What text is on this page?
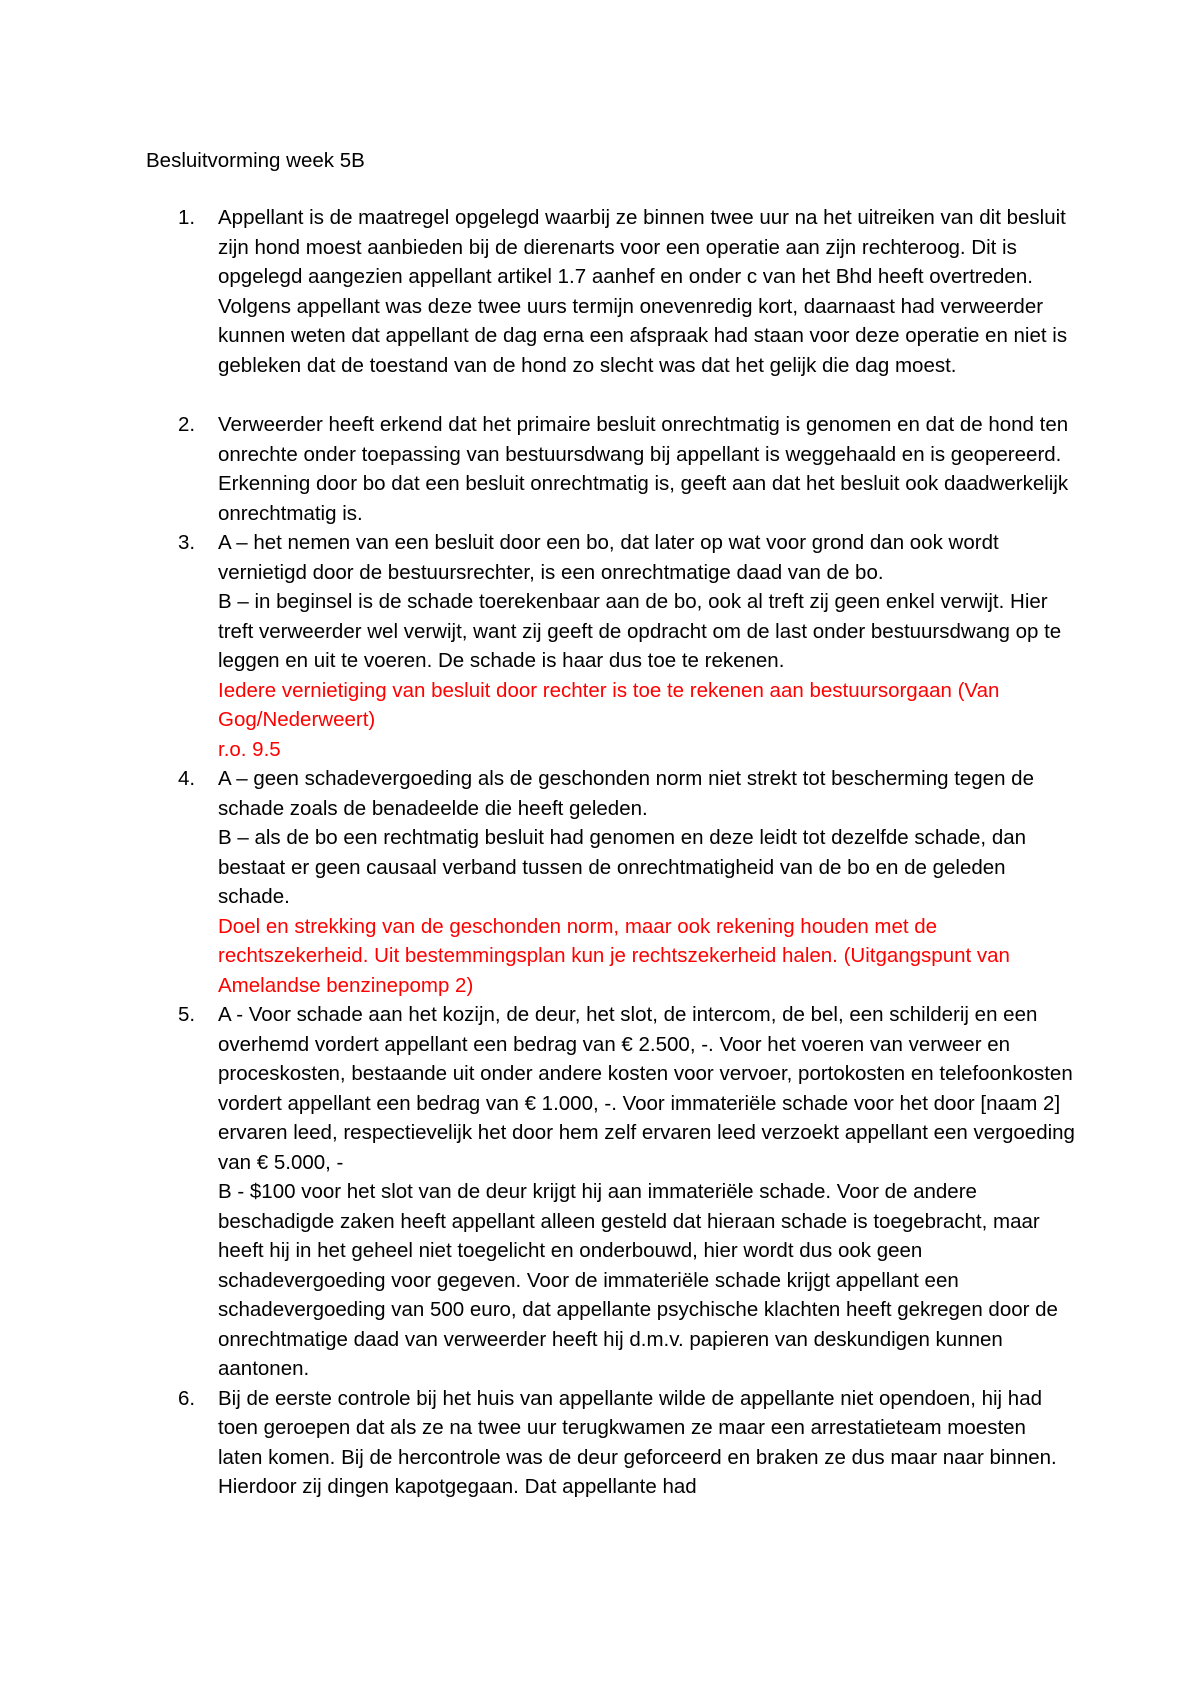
Besluitvorming week 5B
1. Appellant is de maatregel opgelegd waarbij ze binnen twee uur na het uitreiken van dit besluit zijn hond moest aanbieden bij de dierenarts voor een operatie aan zijn rechteroog. Dit is opgelegd aangezien appellant artikel 1.7 aanhef en onder c van het Bhd heeft overtreden. Volgens appellant was deze twee uurs termijn onevenredig kort, daarnaast had verweerder kunnen weten dat appellant de dag erna een afspraak had staan voor deze operatie en niet is gebleken dat de toestand van de hond zo slecht was dat het gelijk die dag moest.

2. Verweerder heeft erkend dat het primaire besluit onrechtmatig is genomen en dat de hond ten onrechte onder toepassing van bestuursdwang bij appellant is weggehaald en is geopereerd. Erkenning door bo dat een besluit onrechtmatig is, geeft aan dat het besluit ook daadwerkelijk onrechtmatig is.

3. A – het nemen van een besluit door een bo, dat later op wat voor grond dan ook wordt vernietigd door de bestuursrechter, is een onrechtmatige daad van de bo.

B – in beginsel is de schade toerekenbaar aan de bo, ook al treft zij geen enkel verwijt. Hier treft verweerder wel verwijt, want zij geeft de opdracht om de last onder bestuursdwang op te leggen en uit te voeren. De schade is haar dus toe te rekenen.

Iedere vernietiging van besluit door rechter is toe te rekenen aan bestuursorgaan (Van Gog/Nederweert)

r.o. 9.5

4. A – geen schadevergoeding als de geschonden norm niet strekt tot bescherming tegen de schade zoals de benadeelde die heeft geleden.

B – als de bo een rechtmatig besluit had genomen en deze leidt tot dezelfde schade, dan bestaat er geen causaal verband tussen de onrechtmatigheid van de bo en de geleden schade.

Doel en strekking van de geschonden norm, maar ook rekening houden met de rechtszekerheid. Uit bestemmingsplan kun je rechtszekerheid halen. (Uitgangspunt van Amelandse benzinepomp 2)

5. A - Voor schade aan het kozijn, de deur, het slot, de intercom, de bel, een schilderij en een overhemd vordert appellant een bedrag van € 2.500, -. Voor het voeren van verweer en proceskosten, bestaande uit onder andere kosten voor vervoer, portokosten en telefoonkosten vordert appellant een bedrag van € 1.000, -. Voor immateriële schade voor het door [naam 2] ervaren leed, respectievelijk het door hem zelf ervaren leed verzoekt appellant een vergoeding van € 5.000, -

B - $100 voor het slot van de deur krijgt hij aan immateriële schade. Voor de andere beschadigde zaken heeft appellant alleen gesteld dat hieraan schade is toegebracht, maar heeft hij in het geheel niet toegelicht en onderbouwd, hier wordt dus ook geen schadevergoeding voor gegeven. Voor de immateriële schade krijgt appellant een schadevergoeding van 500 euro, dat appellante psychische klachten heeft gekregen door de onrechtmatige daad van verweerder heeft hij d.m.v. papieren van deskundigen kunnen aantonen.

6. Bij de eerste controle bij het huis van appellante wilde de appellante niet opendoen, hij had toen geroepen dat als ze na twee uur terugkwamen ze maar een arrestatieteam moesten laten komen. Bij de hercontrole was de deur geforceerd en braken ze dus maar naar binnen. Hierdoor zij dingen kapotgegaan. Dat appellante had
